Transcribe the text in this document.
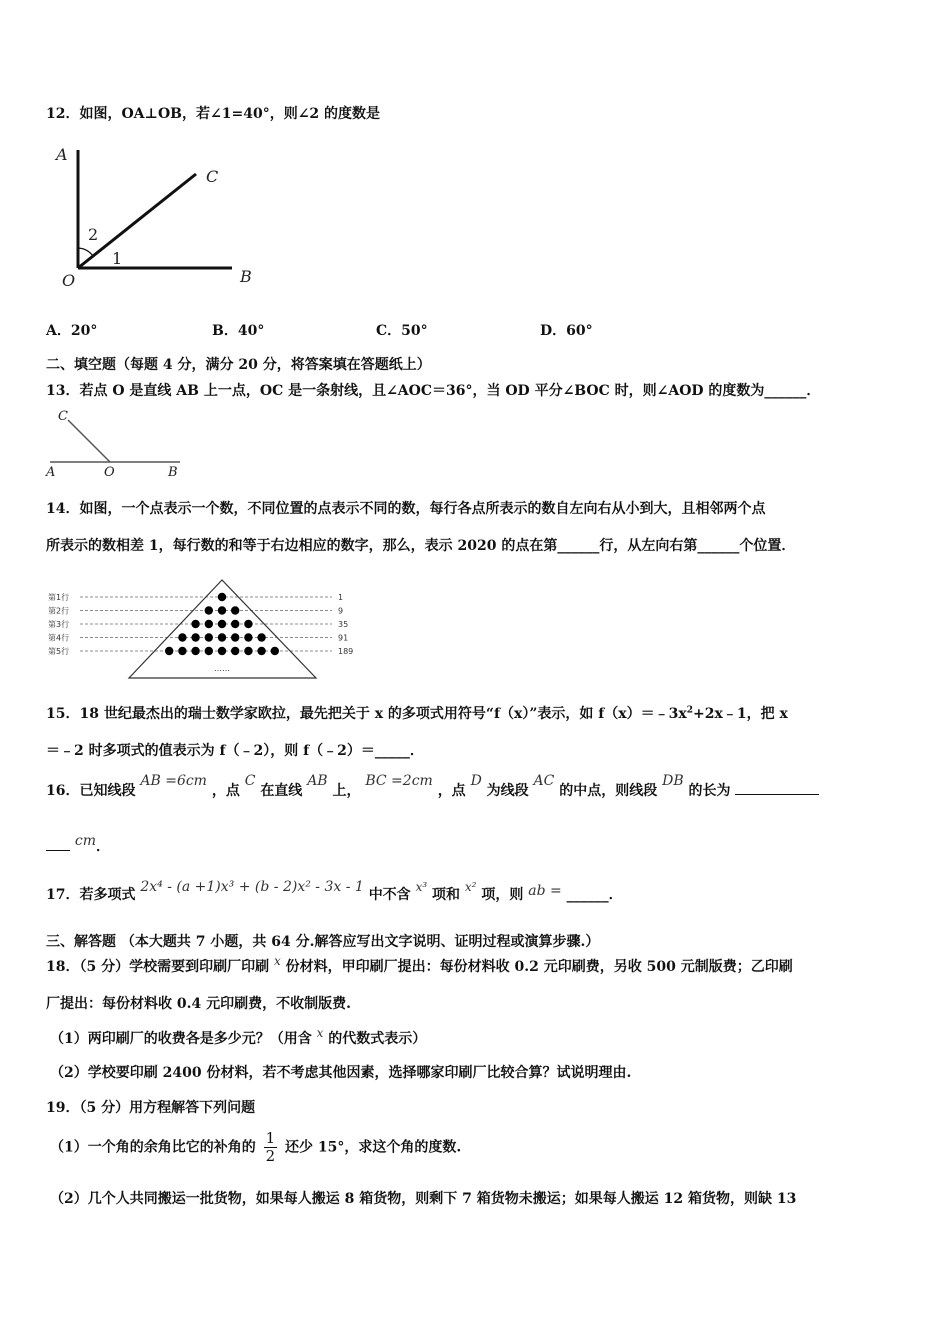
12．如图，OA⊥OB，若∠1=40°，则∠2 的度数是
A
C
O	B
2
1
A．20°	B．40°	C．50°	D．60°
二、填空题（每题 4 分，满分 20 分，将答案填在答题纸上）
13．若点 O 是直线 AB 上一点，OC 是一条射线，且∠AOC＝36°，当 OD 平分∠BOC 时，则∠AOD 的度数为______．
C
A	O	B
14．如图，一个点表示一个数，不同位置的点表示不同的数，每行各点所表示的数自左向右从小到大，且相邻两个点
所表示的数相差 1，每行数的和等于右边相应的数字，那么，表示 2020 的点在第______行，从左向右第______个位置．
……
第1行	1
第2行	9
第3行	35
第4行	91
第5行	189
15．18 世纪最杰出的瑞士数学家欧拉，最先把关于 x 的多项式用符号“f（x）”表示，如 $f(x)=﹣3x^2+2x﹣1$，把 x
＝﹣2 时多项式的值表示为 f（﹣2），则 f（﹣2）＝_____．
16．已知线段 AB =6cm ，点 C 在直线 AB 上， BC =2cm ，点 D 为线段 AC 的中点，则线段 DB 的长为
cm．
17．若多项式 2x⁴ - (a +1)x³ + (b - 2)x² - 3x - 1 中不含 x³ 项和 x² 项，则 ab = ______．
三、解答题 （本大题共 7 小题，共 64 分.解答应写出文字说明、证明过程或演算步骤.）
18．（5 分）学校需要到印刷厂印刷 x 份材料，甲印刷厂提出：每份材料收 0.2 元印刷费，另收 500 元制版费；乙印刷
厂提出：每份材料收 0.4 元印刷费，不收制版费.
（1）两印刷厂的收费各是多少元？（用含 x 的代数式表示）
（2）学校要印刷 2400 份材料，若不考虑其他因素，选择哪家印刷厂比较合算？试说明理由.
19．（5 分）用方程解答下列问题
（1）一个角的余角比它的补角的 $\frac{1}{2}$ 还少 15°，求这个角的度数.
（2）几个人共同搬运一批货物，如果每人搬运 8 箱货物，则剩下 7 箱货物未搬运；如果每人搬运 12 箱货物，则缺 13
